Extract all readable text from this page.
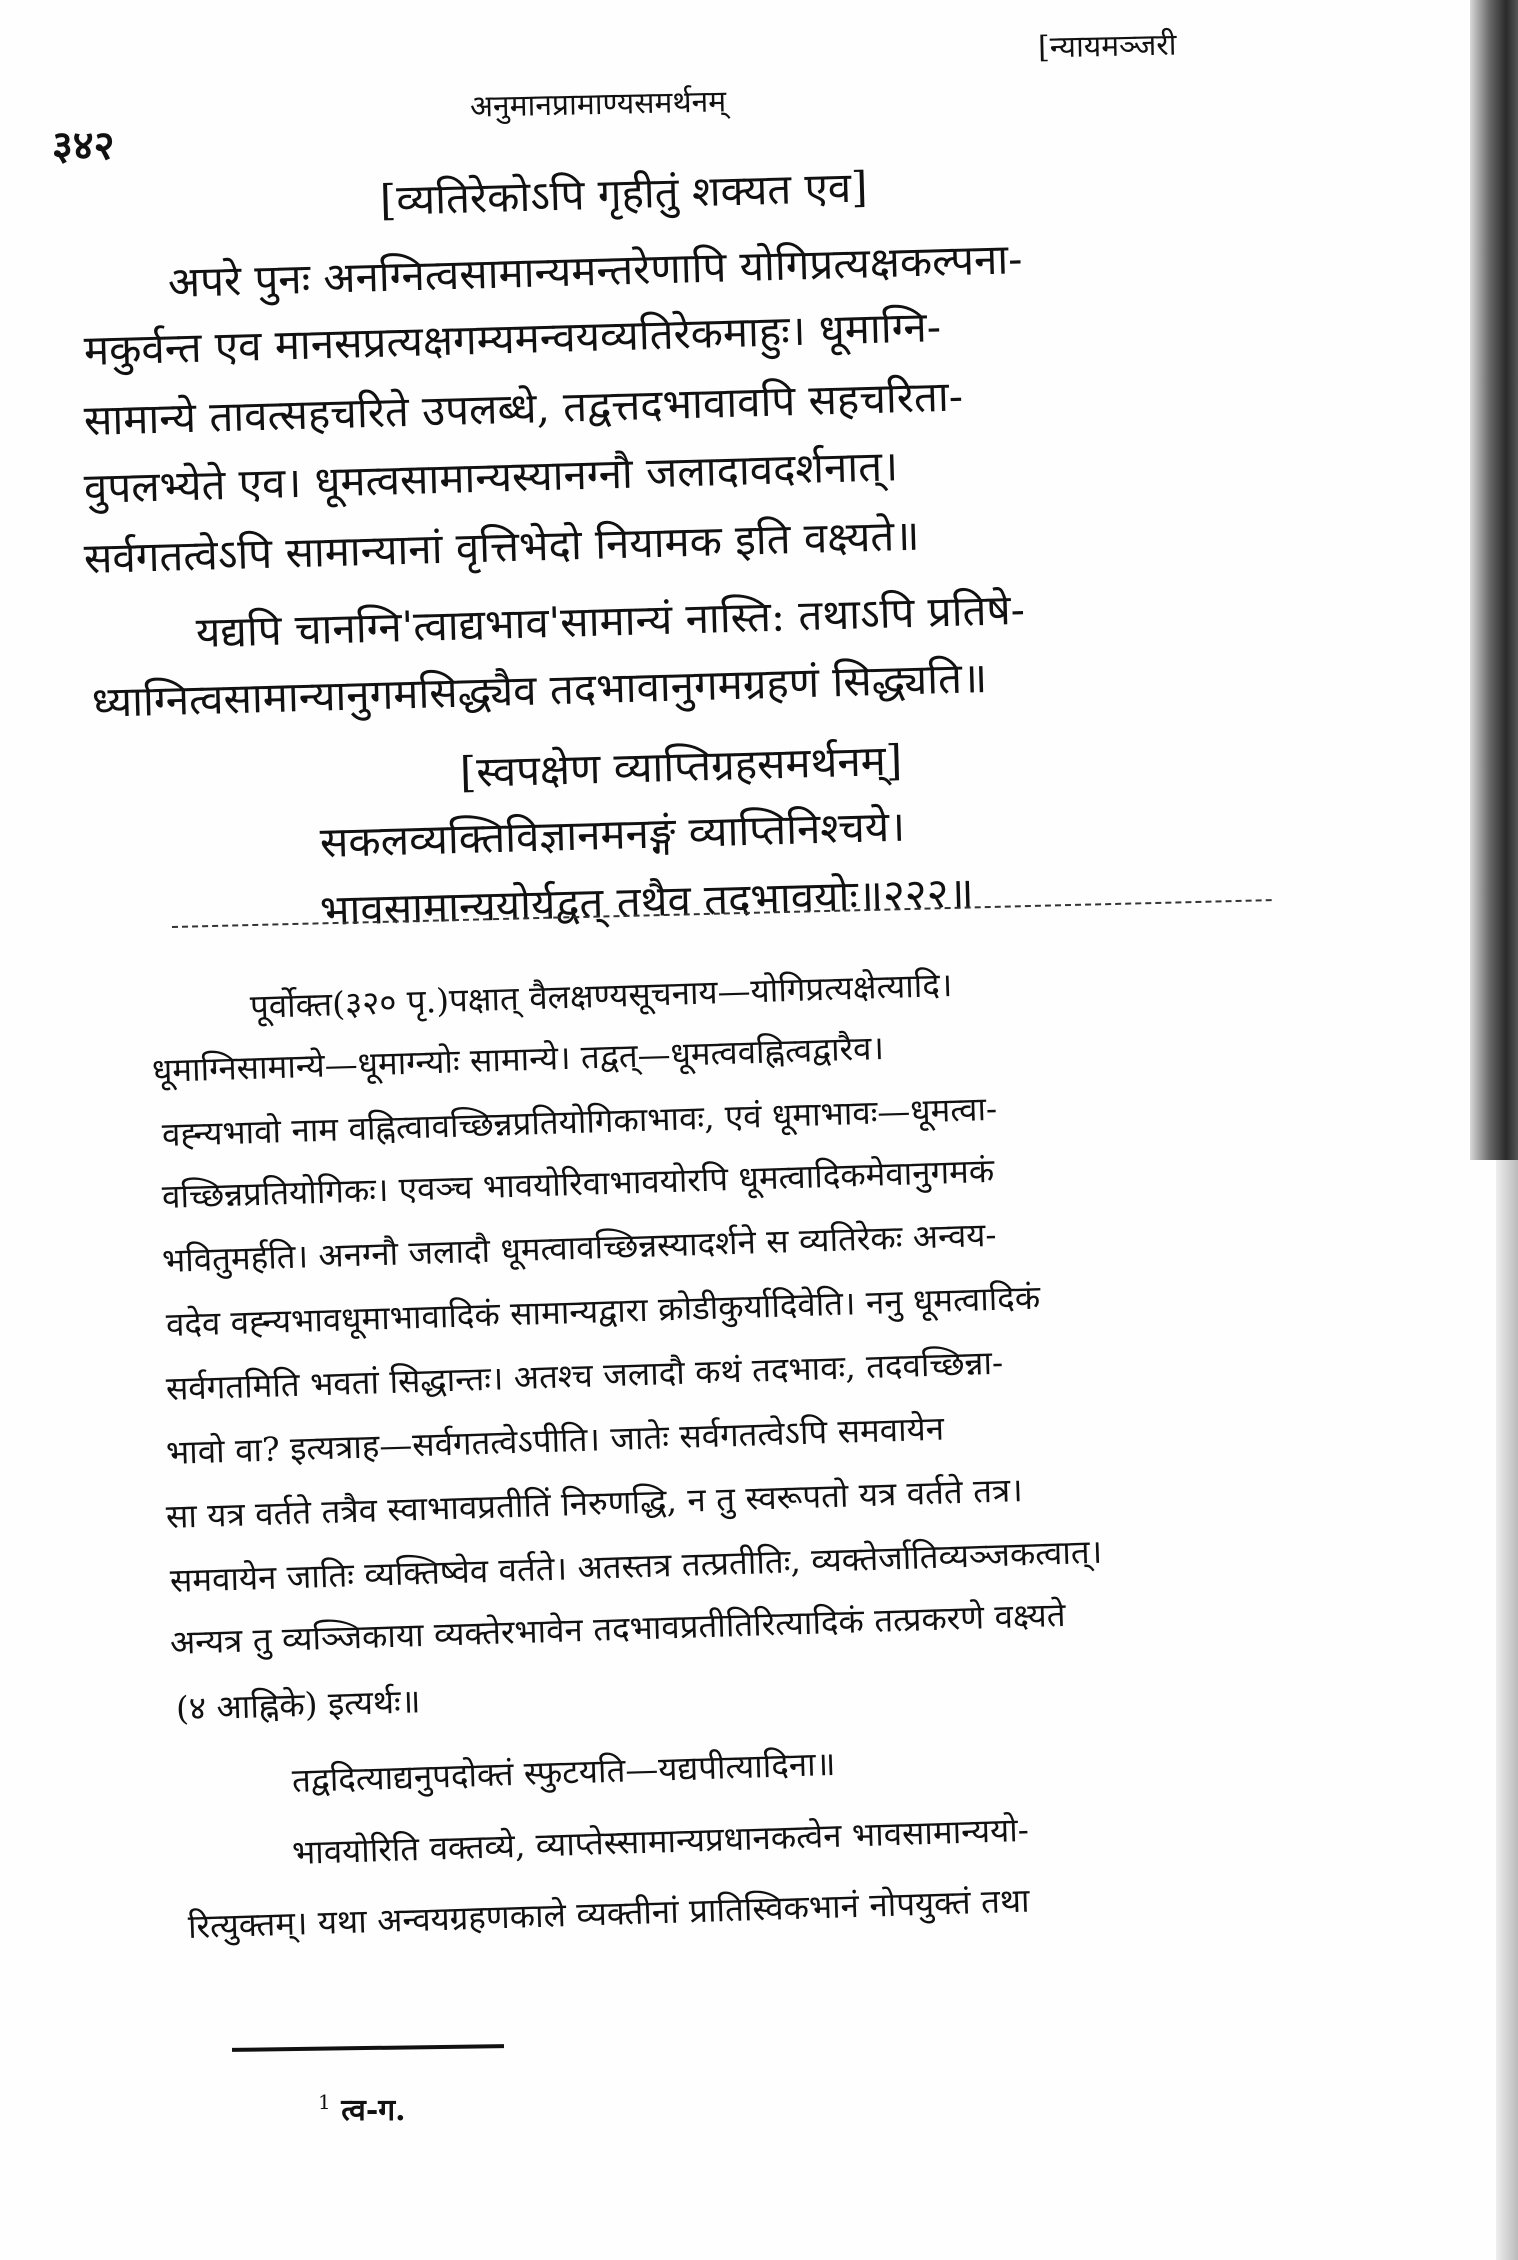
अनुमानप्रामाण्यसमर्थनम्
[न्यायमञ्जरी
३४२
[व्यतिरेकोऽपि गृहीतुं शक्यत एव]
अपरे पुनः अनग्नित्वसामान्यमन्तरेणापि योगिप्रत्यक्षकल्पना-
मकुर्वन्त एव मानसप्रत्यक्षगम्यमन्वयव्यतिरेकमाहुः। धूमाग्नि-
सामान्ये तावत्सहचरिते उपलब्धे, तद्वत्तदभावावपि सहचरिता-
वुपलभ्येते एव। धूमत्वसामान्यस्यानग्नौ जलादावदर्शनात्।
सर्वगतत्वेऽपि सामान्यानां वृत्तिभेदो नियामक इति वक्ष्यते॥
यद्यपि चानग्नि'त्वाद्यभाव'सामान्यं नास्ति: तथाऽपि प्रतिषे-
ध्याग्नित्वसामान्यानुगमसिद्ध्यैव तदभावानुगमग्रहणं सिद्ध्यति॥
[स्वपक्षेण व्याप्तिग्रहसमर्थनम्]
सकलव्यक्तिविज्ञानमनङ्गं व्याप्तिनिश्चये।
भावसामान्ययोर्यद्वत् तथैव तदभावयोः॥२२२॥
पूर्वोक्त(३२० पृ.)पक्षात् वैलक्षण्यसूचनाय—योगिप्रत्यक्षेत्यादि।
धूमाग्निसामान्ये—धूमाग्न्योः सामान्ये। तद्वत्—धूमत्ववह्नित्वद्वारैव।
वह्न्यभावो नाम वह्नित्वावच्छिन्नप्रतियोगिकाभावः, एवं धूमाभावः—धूमत्वा-
वच्छिन्नप्रतियोगिकः। एवञ्च भावयोरिवाभावयोरपि धूमत्वादिकमेवानुगमकं
भवितुमर्हति। अनग्नौ जलादौ धूमत्वावच्छिन्नस्यादर्शने स व्यतिरेकः अन्वय-
वदेव वह्न्यभावधूमाभावादिकं सामान्यद्वारा क्रोडीकुर्यादिवेति। ननु धूमत्वादिकं
सर्वगतमिति भवतां सिद्धान्तः। अतश्च जलादौ कथं तदभावः, तदवच्छिन्ना-
भावो वा? इत्यत्राह—सर्वगतत्वेऽपीति। जातेः सर्वगतत्वेऽपि समवायेन
सा यत्र वर्तते तत्रैव स्वाभावप्रतीतिं निरुणद्धि, न तु स्वरूपतो यत्र वर्तते तत्र।
समवायेन जातिः व्यक्तिष्वेव वर्तते। अतस्तत्र तत्प्रतीतिः, व्यक्तेर्जातिव्यञ्जकत्वात्।
अन्यत्र तु व्यञ्जिकाया व्यक्तेरभावेन तदभावप्रतीतिरित्यादिकं तत्प्रकरणे वक्ष्यते
(४ आह्निके) इत्यर्थः॥
तद्वदित्याद्यनुपदोक्तं स्फुटयति—यद्यपीत्यादिना॥
भावयोरिति वक्तव्ये, व्याप्तेस्सामान्यप्रधानकत्वेन भावसामान्ययो-
रित्युक्तम्। यथा अन्वयग्रहणकाले व्यक्तीनां प्रातिस्विकभानं नोपयुक्तं तथा
$^1$ त्व-ग.
